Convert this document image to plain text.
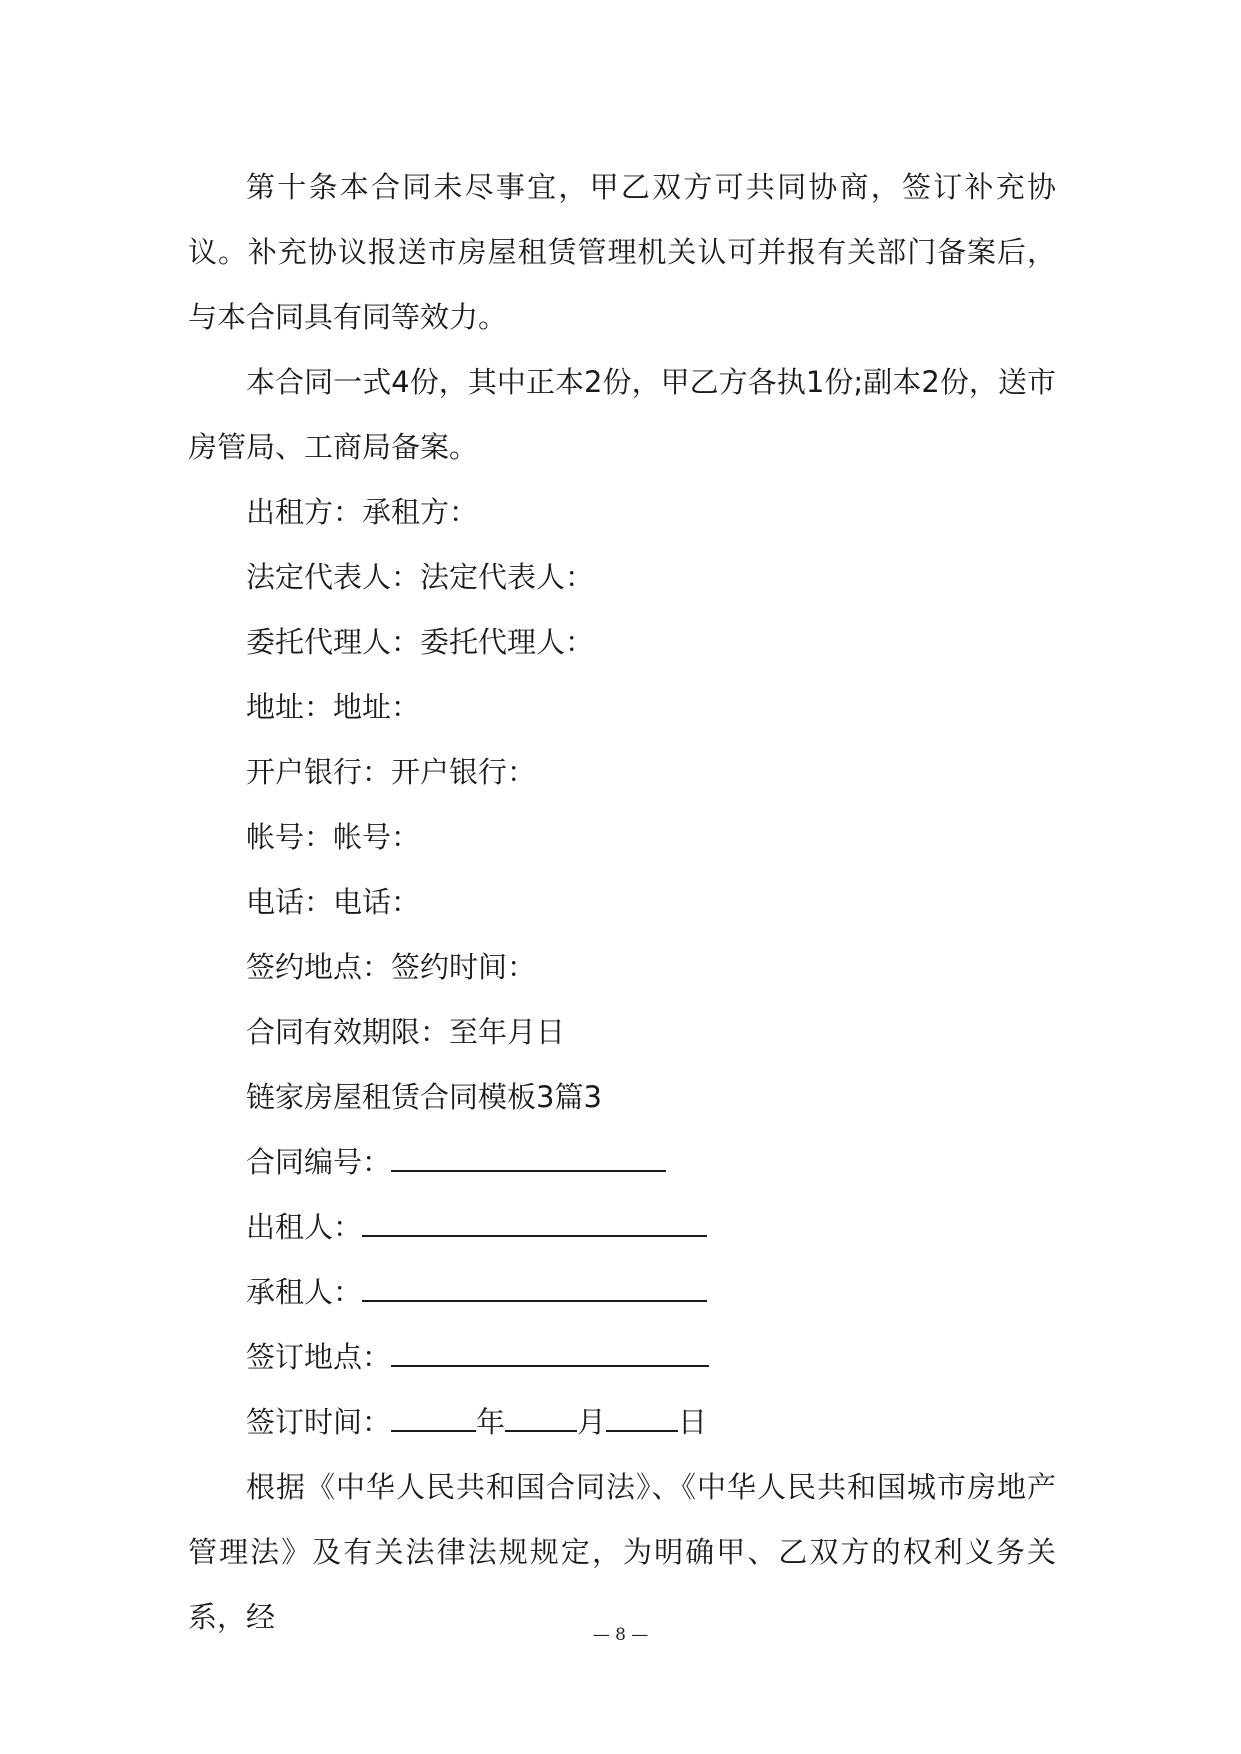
第十条本合同未尽事宜，甲乙双方可共同协商，签订补充协议。补充协议报送市房屋租赁管理机关认可并报有关部门备案后，与本合同具有同等效力。

本合同一式4份，其中正本2份，甲乙方各执1份;副本2份，送市房管局、工商局备案。

出租方：承租方：

法定代表人：法定代表人：

委托代理人：委托代理人：

地址：地址：

开户银行：开户银行：

帐号：帐号：

电话：电话：

签约地点：签约时间：

合同有效期限：至年月日

链家房屋租赁合同模板3篇3

合同编号：

出租人：

承租人：

签订地点：

签订时间：	年 月 日

根据《中华人民共和国合同法》、《中华人民共和国城市房地产管理法》及有关法律法规规定，为明确甲、乙双方的权利义务关系，经

— 8 —
